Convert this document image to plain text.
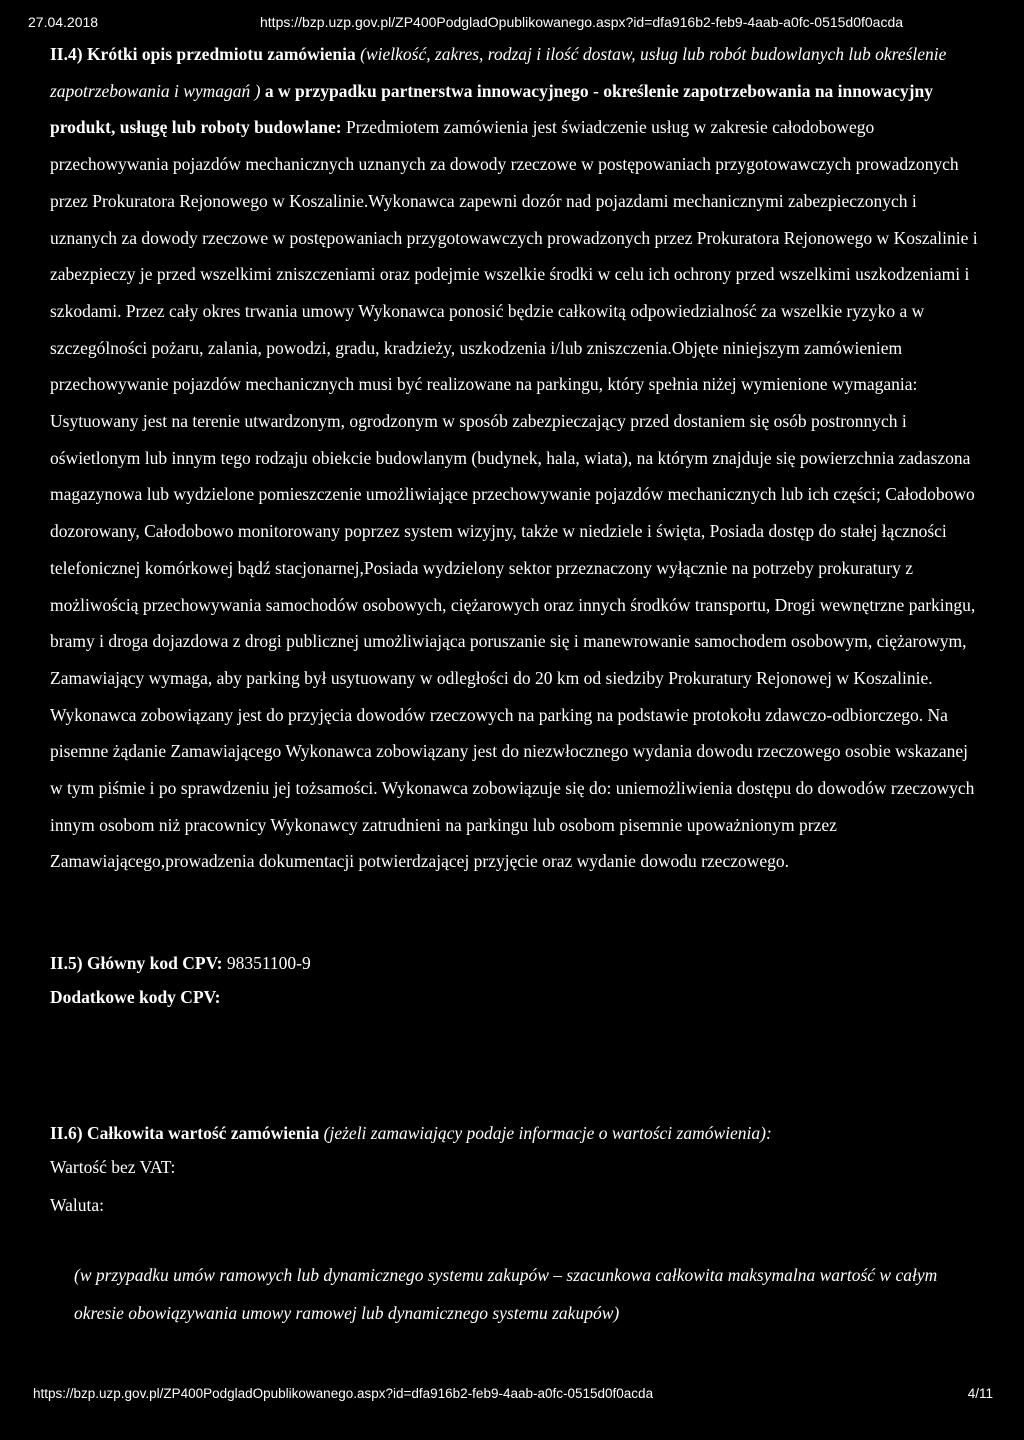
27.04.2018	https://bzp.uzp.gov.pl/ZP400PodgladOpublikowanego.aspx?id=dfa916b2-feb9-4aab-a0fc-0515d0f0acda

II.4) Krótki opis przedmiotu zamówienia (wielkość, zakres, rodzaj i ilość dostaw, usług lub robót budowlanych lub określenie zapotrzebowania i wymagań ) a w przypadku partnerstwa innowacyjnego - określenie zapotrzebowania na innowacyjny produkt, usługę lub roboty budowlane: Przedmiotem zamówienia jest świadczenie usług w zakresie całodobowego przechowywania pojazdów mechanicznych uznanych za dowody rzeczowe w postępowaniach przygotowawczych prowadzonych przez Prokuratora Rejonowego w Koszalinie.Wykonawca zapewni dozór nad pojazdami mechanicznymi zabezpieczonych i uznanych za dowody rzeczowe w postępowaniach przygotowawczych prowadzonych przez Prokuratora Rejonowego w Koszalinie i zabezpieczy je przed wszelkimi zniszczeniami oraz podejmie wszelkie środki w celu ich ochrony przed wszelkimi uszkodzeniami i szkodami. Przez cały okres trwania umowy Wykonawca ponosić będzie całkowitą odpowiedzialność za wszelkie ryzyko a w szczególności pożaru, zalania, powodzi, gradu, kradzieży, uszkodzenia i/lub zniszczenia.Objęte niniejszym zamówieniem przechowywanie pojazdów mechanicznych musi być realizowane na parkingu, który spełnia niżej wymienione wymagania: Usytuowany jest na terenie utwardzonym, ogrodzonym w sposób zabezpieczający przed dostaniem się osób postronnych i oświetlonym lub innym tego rodzaju obiekcie budowlanym (budynek, hala, wiata), na którym znajduje się powierzchnia zadaszona magazynowa lub wydzielone pomieszczenie umożliwiające przechowywanie pojazdów mechanicznych lub ich części; Całodobowo dozorowany, Całodobowo monitorowany poprzez system wizyjny, także w niedziele i święta, Posiada dostęp do stałej łączności telefonicznej komórkowej bądź stacjonarnej,Posiada wydzielony sektor przeznaczony wyłącznie na potrzeby prokuratury z możliwością przechowywania samochodów osobowych, ciężarowych oraz innych środków transportu, Drogi wewnętrzne parkingu, bramy i droga dojazdowa z drogi publicznej umożliwiająca poruszanie się i manewrowanie samochodem osobowym, ciężarowym, Zamawiający wymaga, aby parking był usytuowany w odległości do 20 km od siedziby Prokuratury Rejonowej w Koszalinie. Wykonawca zobowiązany jest do przyjęcia dowodów rzeczowych na parking na podstawie protokołu zdawczo-odbiorczego. Na pisemne żądanie Zamawiającego Wykonawca zobowiązany jest do niezwłocznego wydania dowodu rzeczowego osobie wskazanej w tym piśmie i po sprawdzeniu jej tożsamości. Wykonawca zobowiązuje się do: uniemożliwienia dostępu do dowodów rzeczowych innym osobom niż pracownicy Wykonawcy zatrudnieni na parkingu lub osobom pisemnie upoważnionym przez Zamawiającego,prowadzenia dokumentacji potwierdzającej przyjęcie oraz wydanie dowodu rzeczowego.

II.5) Główny kod CPV: 98351100-9
Dodatkowe kody CPV:
II.6) Całkowita wartość zamówienia (jeżeli zamawiający podaje informacje o wartości zamówienia):
Wartość bez VAT:
Waluta:
(w przypadku umów ramowych lub dynamicznego systemu zakupów – szacunkowa całkowita maksymalna wartość w całym okresie obowiązywania umowy ramowej lub dynamicznego systemu zakupów)
https://bzp.uzp.gov.pl/ZP400PodgladOpublikowanego.aspx?id=dfa916b2-feb9-4aab-a0fc-0515d0f0acda	4/11
